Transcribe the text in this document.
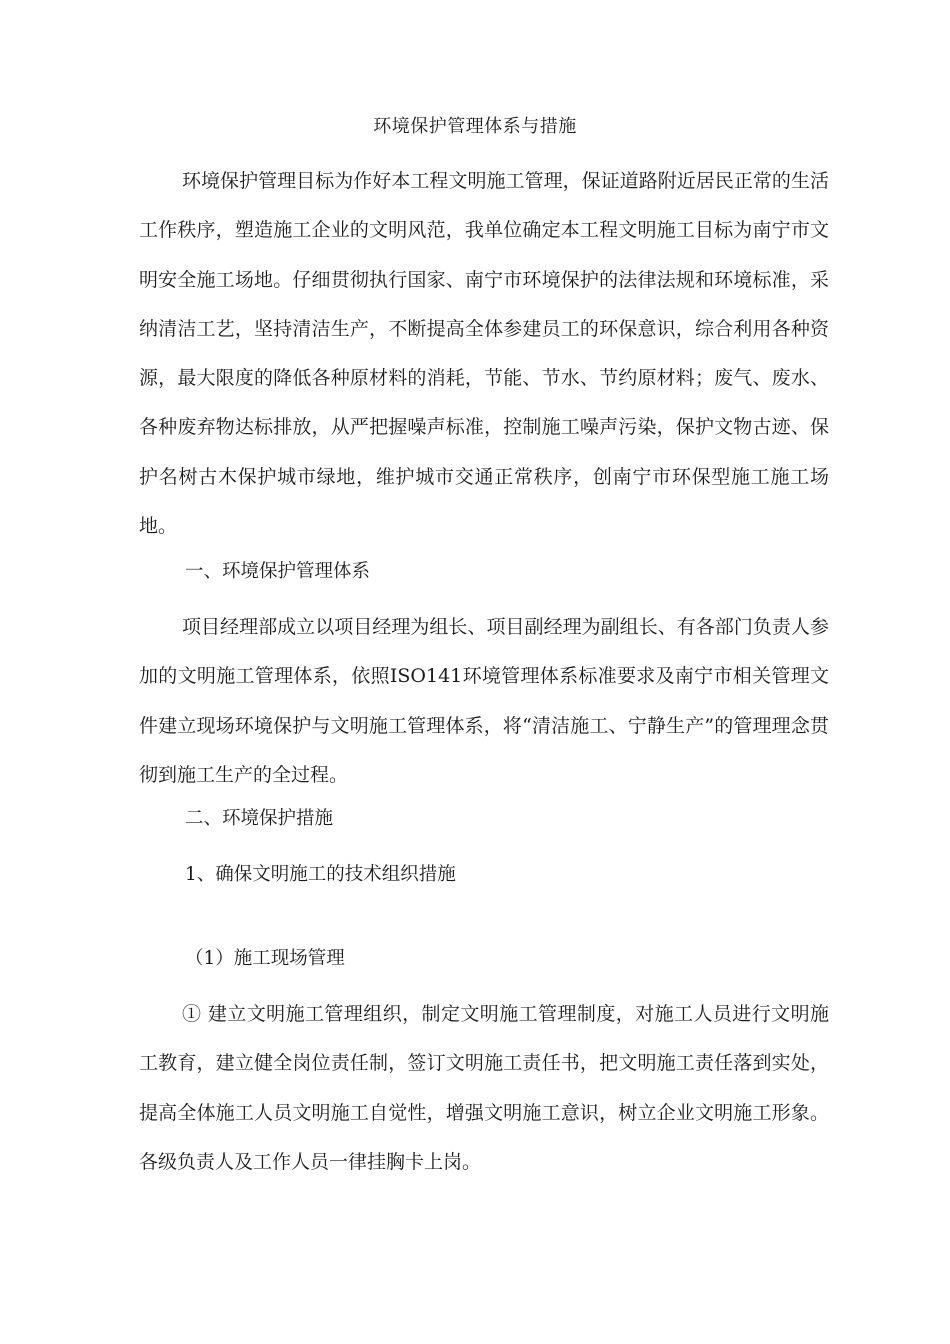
环境保护管理体系与措施

环境保护管理目标为作好本工程文明施工管理，保证道路附近居民正常的生活工作秩序，塑造施工企业的文明风范，我单位确定本工程文明施工目标为南宁市文明安全施工场地。仔细贯彻执行国家、南宁市环境保护的法律法规和环境标准，采纳清洁工艺，坚持清洁生产，不断提高全体参建员工的环保意识，综合利用各种资源，最大限度的降低各种原材料的消耗，节能、节水、节约原材料；废气、废水、各种废弃物达标排放，从严把握噪声标准，控制施工噪声污染，保护文物古迹、保护名树古木保护城市绿地，维护城市交通正常秩序，创南宁市环保型施工施工场地。

一、环境保护管理体系

项目经理部成立以项目经理为组长、项目副经理为副组长、有各部门负责人参加的文明施工管理体系，依照ISO141环境管理体系标准要求及南宁市相关管理文件建立现场环境保护与文明施工管理体系，将“清洁施工、宁静生产”的管理理念贯彻到施工生产的全过程。

二、环境保护措施

1、确保文明施工的技术组织措施

（1）施工现场管理

① 建立文明施工管理组织，制定文明施工管理制度，对施工人员进行文明施工教育，建立健全岗位责任制，签订文明施工责任书，把文明施工责任落到实处，提高全体施工人员文明施工自觉性，增强文明施工意识，树立企业文明施工形象。各级负责人及工作人员一律挂胸卡上岗。
